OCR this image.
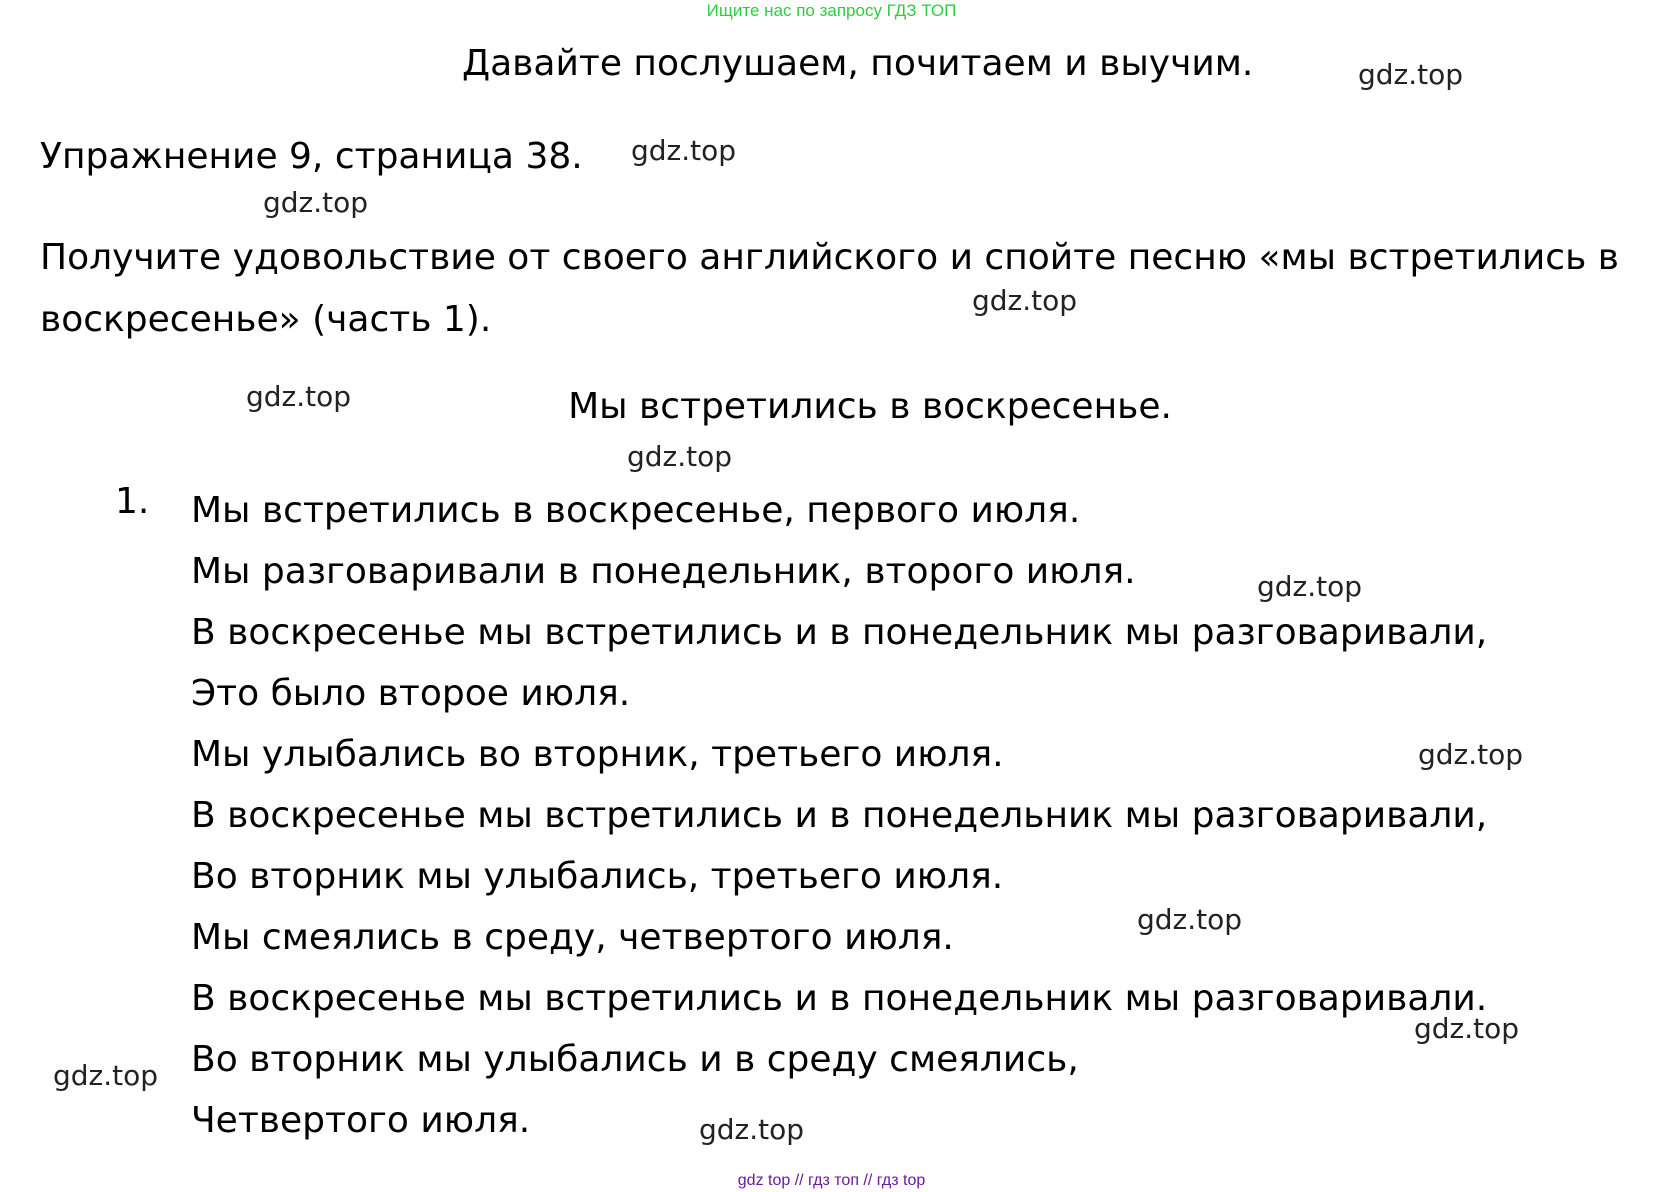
Ищите нас по запросу ГДЗ ТОП
Давайте послушаем, почитаем и выучим.
Упражнение 9, страница 38.
Получите удовольствие от своего английского и спойте песню «мы встретились в воскресенье» (часть 1).
Мы встретились в воскресенье.
1. Мы встретились в воскресенье, первого июля.
Мы разговаривали в понедельник, второго июля.
В воскресенье мы встретились и в понедельник мы разговаривали,
Это было второе июля.
Мы улыбались во вторник, третьего июля.
В воскресенье мы встретились и в понедельник мы разговаривали,
Во вторник мы улыбались, третьего июля.
Мы смеялись в среду, четвертого июля.
В воскресенье мы встретились и в понедельник мы разговаривали.
Во вторник мы улыбались и в среду смеялись,
Четвертого июля.
gdz.top
gdz.top
gdz.top
gdz.top
gdz.top
gdz.top
gdz.top
gdz.top
gdz.top
gdz.top
gdz.top
gdz.top
gdz top // гдз топ // гдз top
